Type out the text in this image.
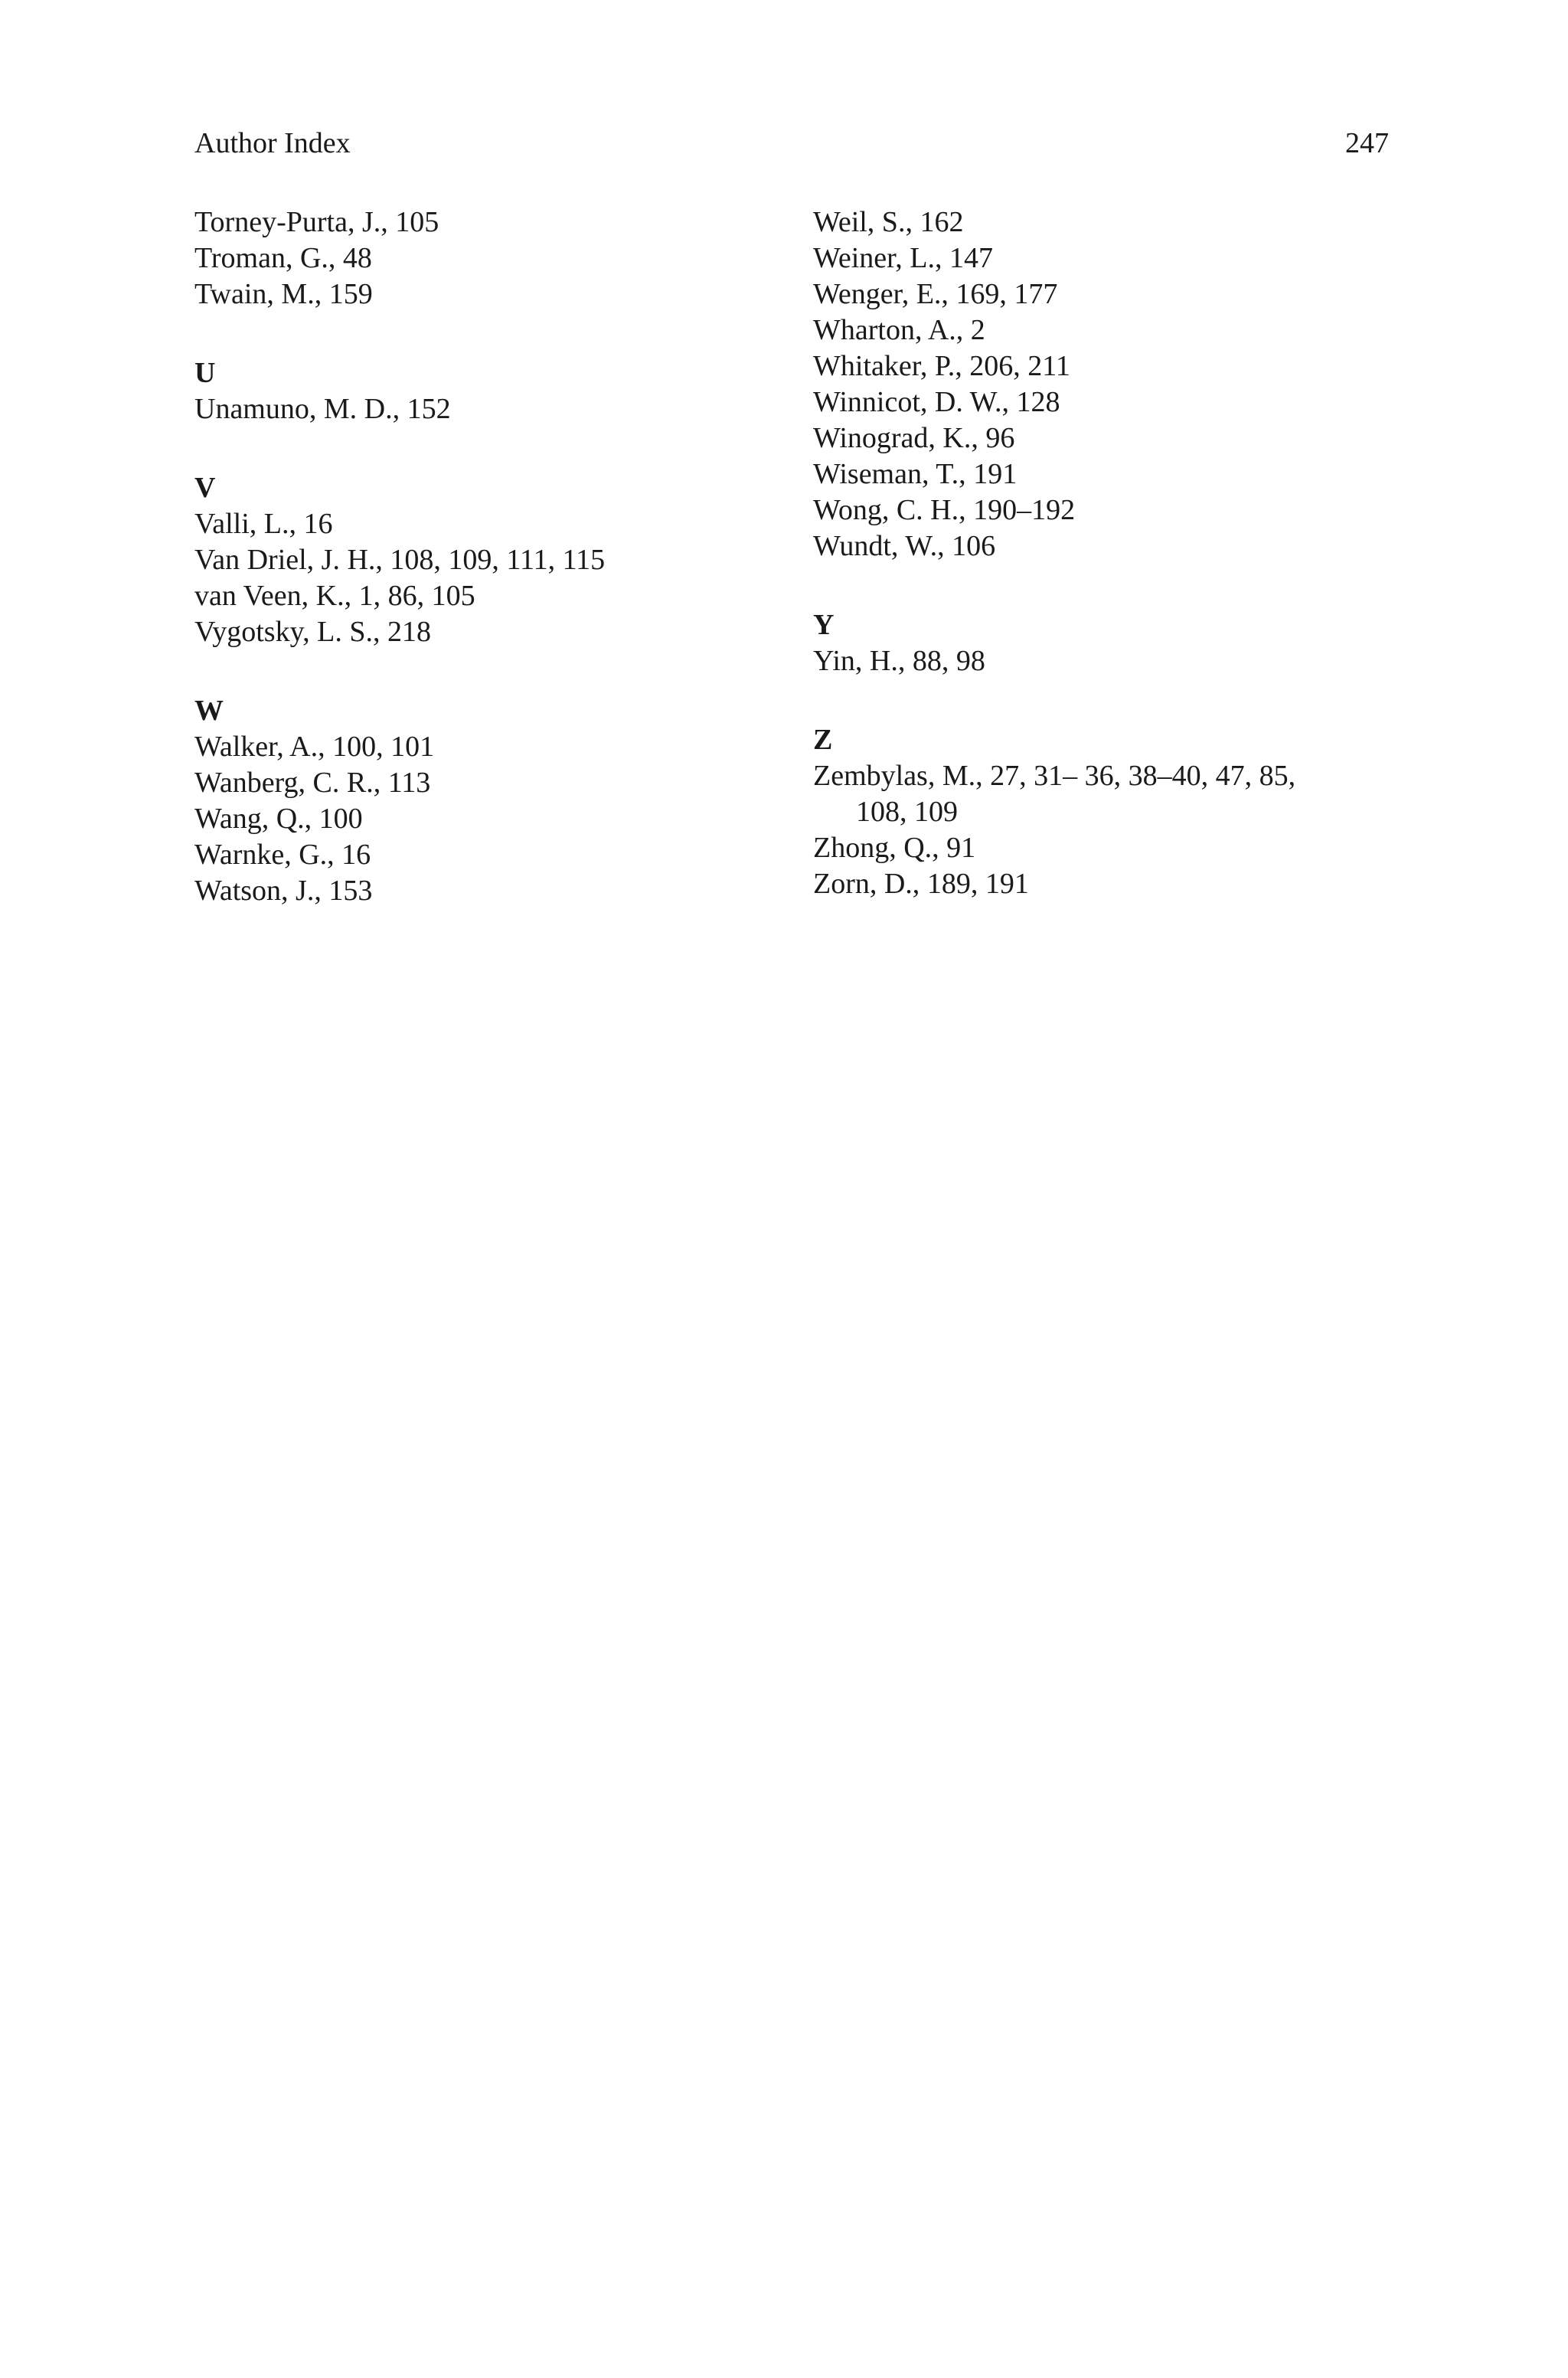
Author Index	247
Torney-Purta, J., 105
Troman, G., 48
Twain, M., 159
U
Unamuno, M. D., 152
V
Valli, L., 16
Van Driel, J. H., 108, 109, 111, 115
van Veen, K., 1, 86, 105
Vygotsky, L. S., 218
W
Walker, A., 100, 101
Wanberg, C. R., 113
Wang, Q., 100
Warnke, G., 16
Watson, J., 153
Weil, S., 162
Weiner, L., 147
Wenger, E., 169, 177
Wharton, A., 2
Whitaker, P., 206, 211
Winnicot, D. W., 128
Winograd, K., 96
Wiseman, T., 191
Wong, C. H., 190–192
Wundt, W., 106
Y
Yin, H., 88, 98
Z
Zembylas, M., 27, 31– 36, 38–40, 47, 85,
108, 109
Zhong, Q., 91
Zorn, D., 189, 191
